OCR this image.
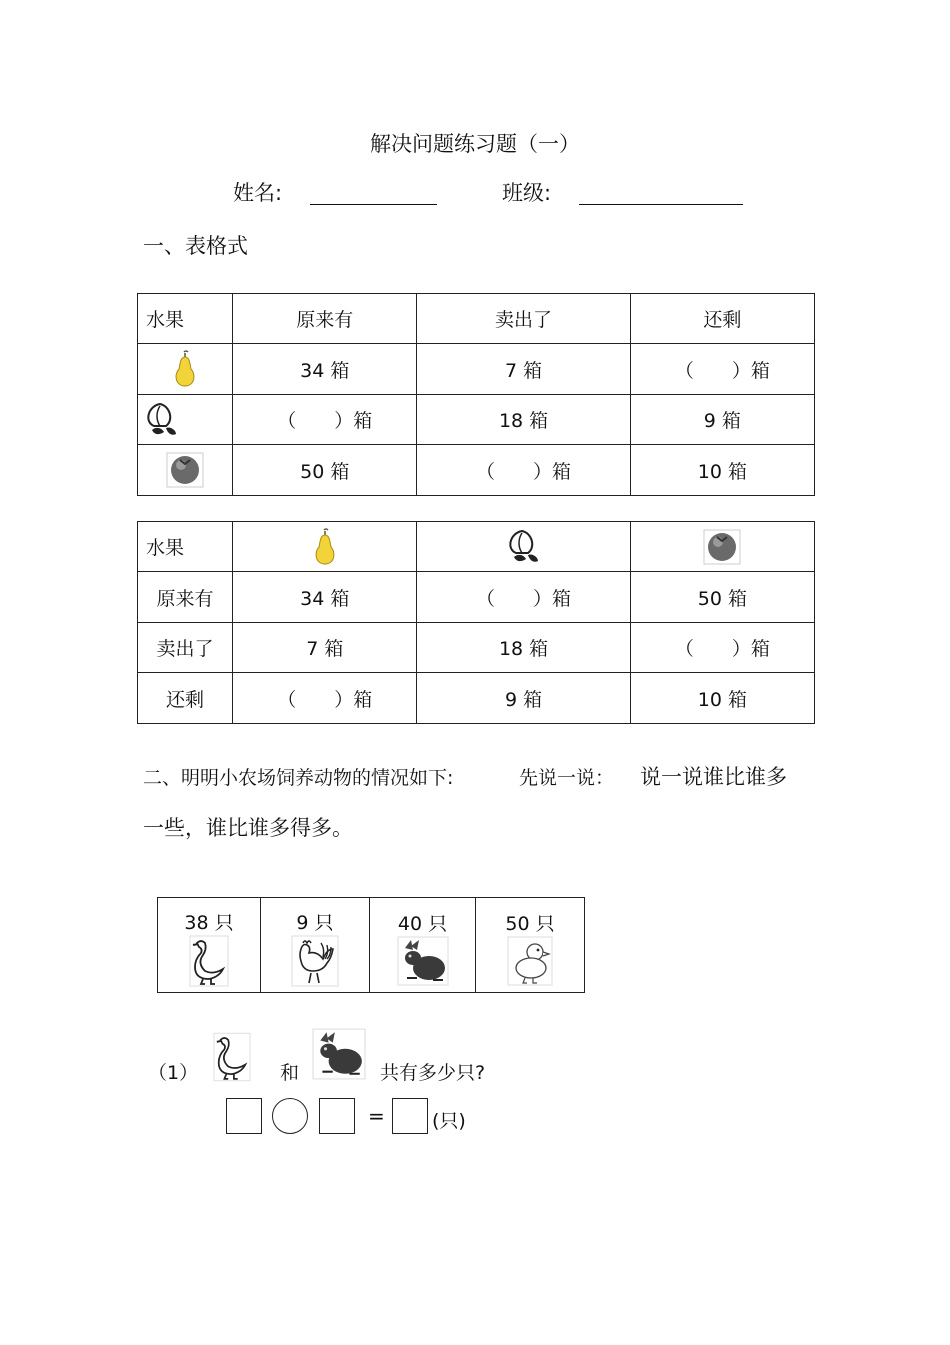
解决问题练习题（一）
姓名:	班级:
一、表格式
水果	原来有	卖出了	还剩
	34 箱	7 箱	（　　）箱
	（　　）箱	18 箱	9 箱
	50 箱	（　　）箱	10 箱
水果			
原来有	34 箱	（　　）箱	50 箱
卖出了	7 箱	18 箱	（　　）箱
还剩	（　　）箱	9 箱	10 箱
二、明明小农场饲养动物的情况如下:	先说一说： 说一说谁比谁多
一些，谁比谁多得多。
38 只	9 只	40 只	50 只
（1）	和	共有多少只?
= (只)
